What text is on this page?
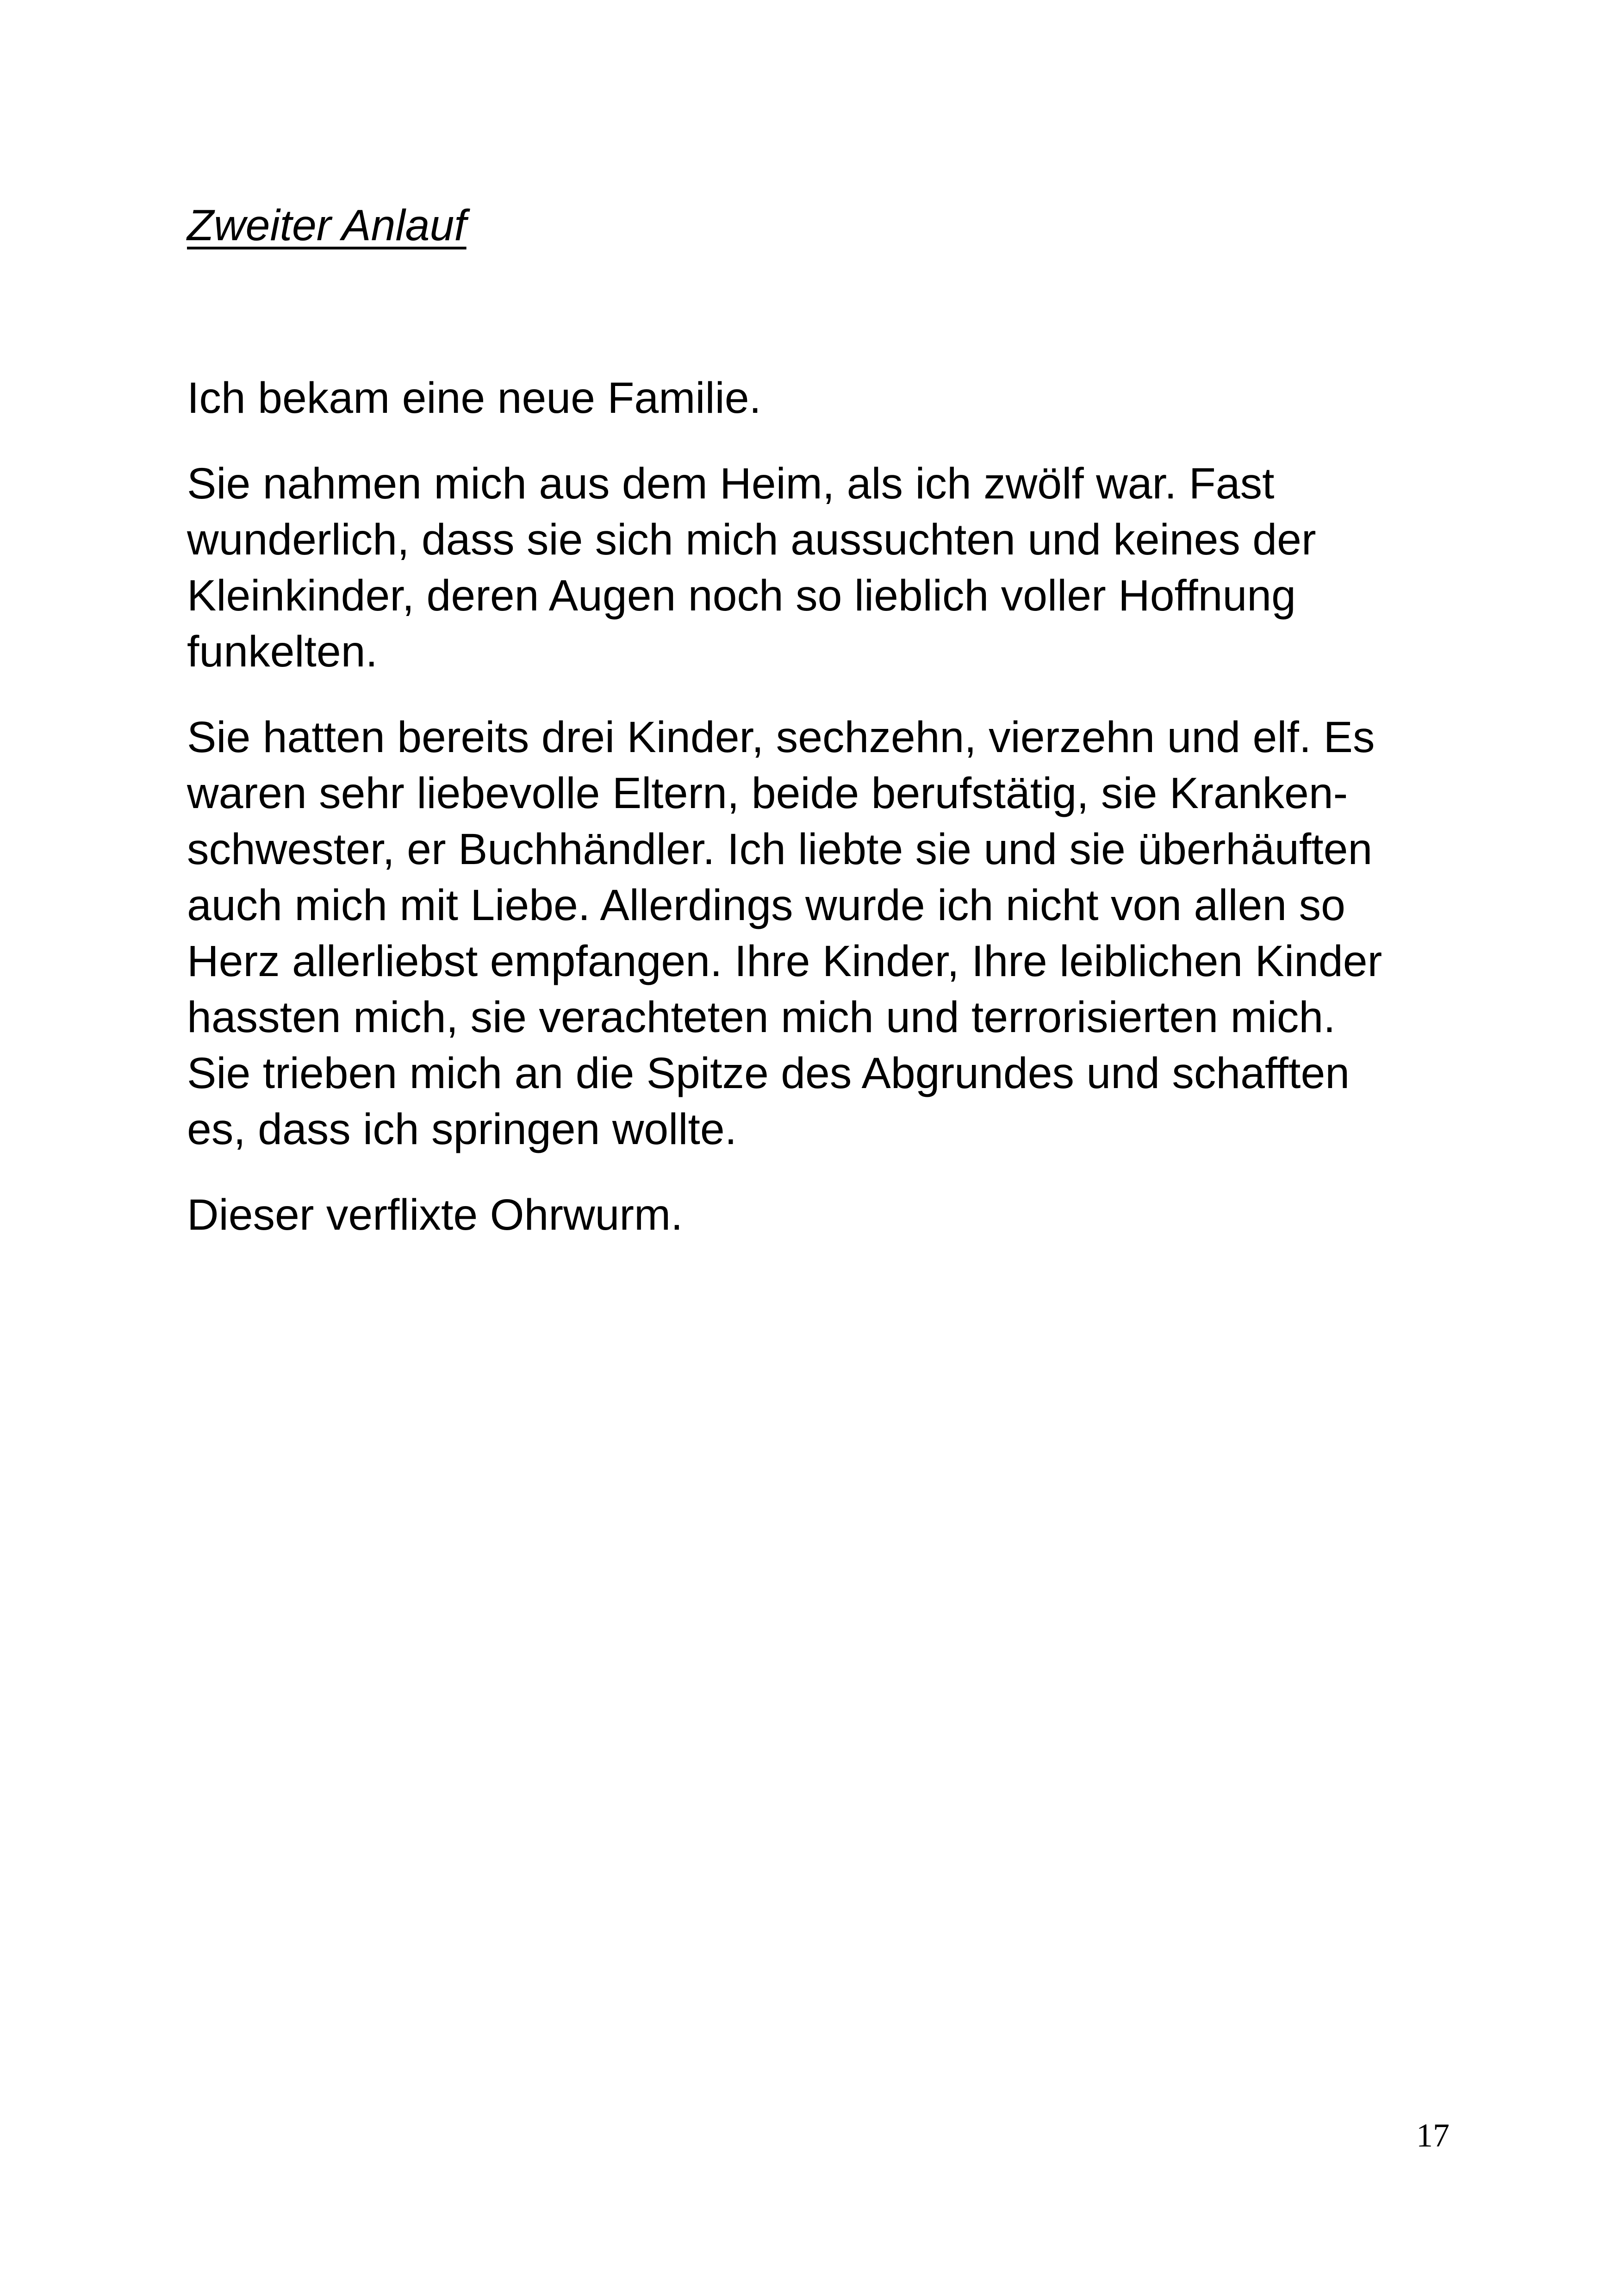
Zweiter Anlauf

Ich bekam eine neue Familie.

Sie nahmen mich aus dem Heim, als ich zwölf war. Fast
wunderlich, dass sie sich mich aussuchten und keines der
Kleinkinder, deren Augen noch so lieblich voller Hoffnung
funkelten.

Sie hatten bereits drei Kinder, sechzehn, vierzehn und elf. Es
waren sehr liebevolle Eltern, beide berufstätig, sie Kranken-
schwester, er Buchhändler. Ich liebte sie und sie überhäuften
auch mich mit Liebe. Allerdings wurde ich nicht von allen so
Herz allerliebst empfangen. Ihre Kinder, Ihre leiblichen Kinder
hassten mich, sie verachteten mich und terrorisierten mich.
Sie trieben mich an die Spitze des Abgrundes und schafften
es, dass ich springen wollte.

Dieser verflixte Ohrwurm.

17
